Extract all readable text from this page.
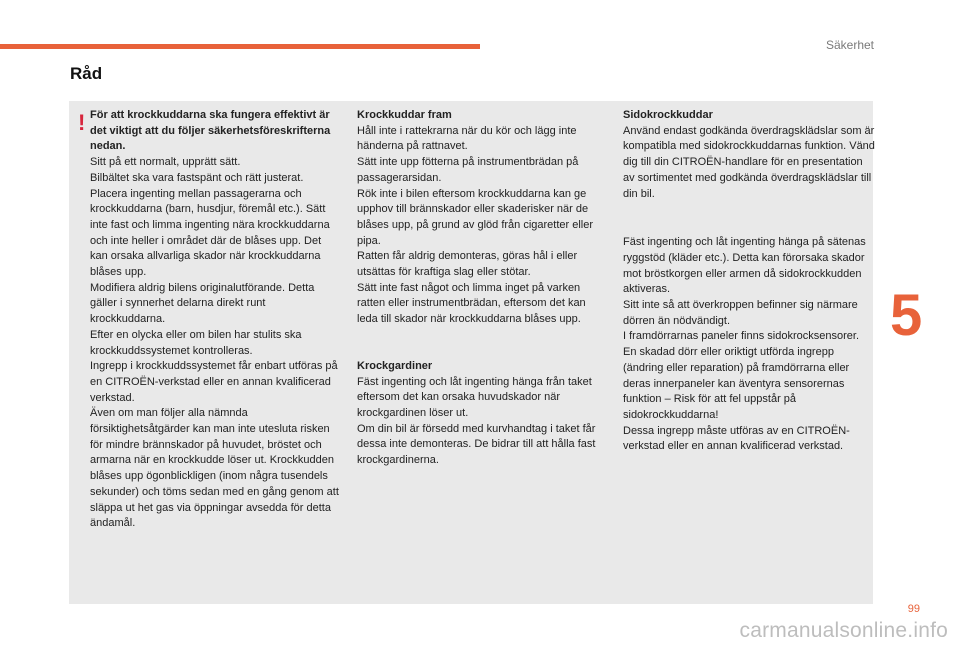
Säkerhet
Råd
! För att krockkuddarna ska fungera effektivt är det viktigt att du följer säkerhetsföreskrifterna nedan.

Sitt på ett normalt, upprätt sätt.

Bilbältet ska vara fastspänt och rätt justerat.

Placera ingenting mellan passagerarna och krockkuddarna (barn, husdjur, föremål etc.). Sätt inte fast och limma ingenting nära krockkuddarna och inte heller i området där de blåses upp. Det kan orsaka allvarliga skador när krockkuddarna blåses upp.

Modifiera aldrig bilens originalutförande. Detta gäller i synnerhet delarna direkt runt krockkuddarna.

Efter en olycka eller om bilen har stulits ska krockkuddssystemet kontrolleras.

Ingrepp i krockkuddssystemet får enbart utföras på en CITROËN-verkstad eller en annan kvalificerad verkstad.

Även om man följer alla nämnda försiktighetsåtgärder kan man inte utesluta risken för mindre brännskador på huvudet, bröstet och armarna när en krockkudde löser ut. Krockkudden blåses upp ögonblickligen (inom några tusendels sekunder) och töms sedan med en gång genom att släppa ut het gas via öppningar avsedda för detta ändamål.

Krockkuddar fram

Håll inte i rattekrarna när du kör och lägg inte händerna på rattnavet.

Sätt inte upp fötterna på instrumentbrädan på passagerarsidan.

Rök inte i bilen eftersom krockkuddarna kan ge upphov till brännskador eller skaderisker när de blåses upp, på grund av glöd från cigaretter eller pipa.

Ratten får aldrig demonteras, göras hål i eller utsättas för kraftiga slag eller stötar.

Sätt inte fast något och limma inget på varken ratten eller instrumentbrädan, eftersom det kan leda till skador när krockkuddarna blåses upp.

Krockgardiner

Fäst ingenting och låt ingenting hänga från taket eftersom det kan orsaka huvudskador när krockgardinen löser ut.

Om din bil är försedd med kurvhandtag i taket får dessa inte demonteras. De bidrar till att hålla fast krockgardinerna.

Sidokrockkuddar

Använd endast godkända överdragsklädslar som är kompatibla med sidokrockkuddarnas funktion. Vänd dig till din CITROËN-handlare för en presentation av sortimentet med godkända överdragsklädslar till din bil.

Fäst ingenting och låt ingenting hänga på sätenas ryggstöd (kläder etc.). Detta kan förorsaka skador mot bröstkorgen eller armen då sidokrockkudden aktiveras.

Sitt inte så att överkroppen befinner sig närmare dörren än nödvändigt.

I framdörrarnas paneler finns sidokrocksensorer.

En skadad dörr eller oriktigt utförda ingrepp (ändring eller reparation) på framdörrarna eller deras innerpaneler kan äventyra sensorernas funktion – Risk för att fel uppstår på sidokrockkuddarna!

Dessa ingrepp måste utföras av en CITROËN-verkstad eller en annan kvalificerad verkstad.

5
99
carmanualsonline.info
